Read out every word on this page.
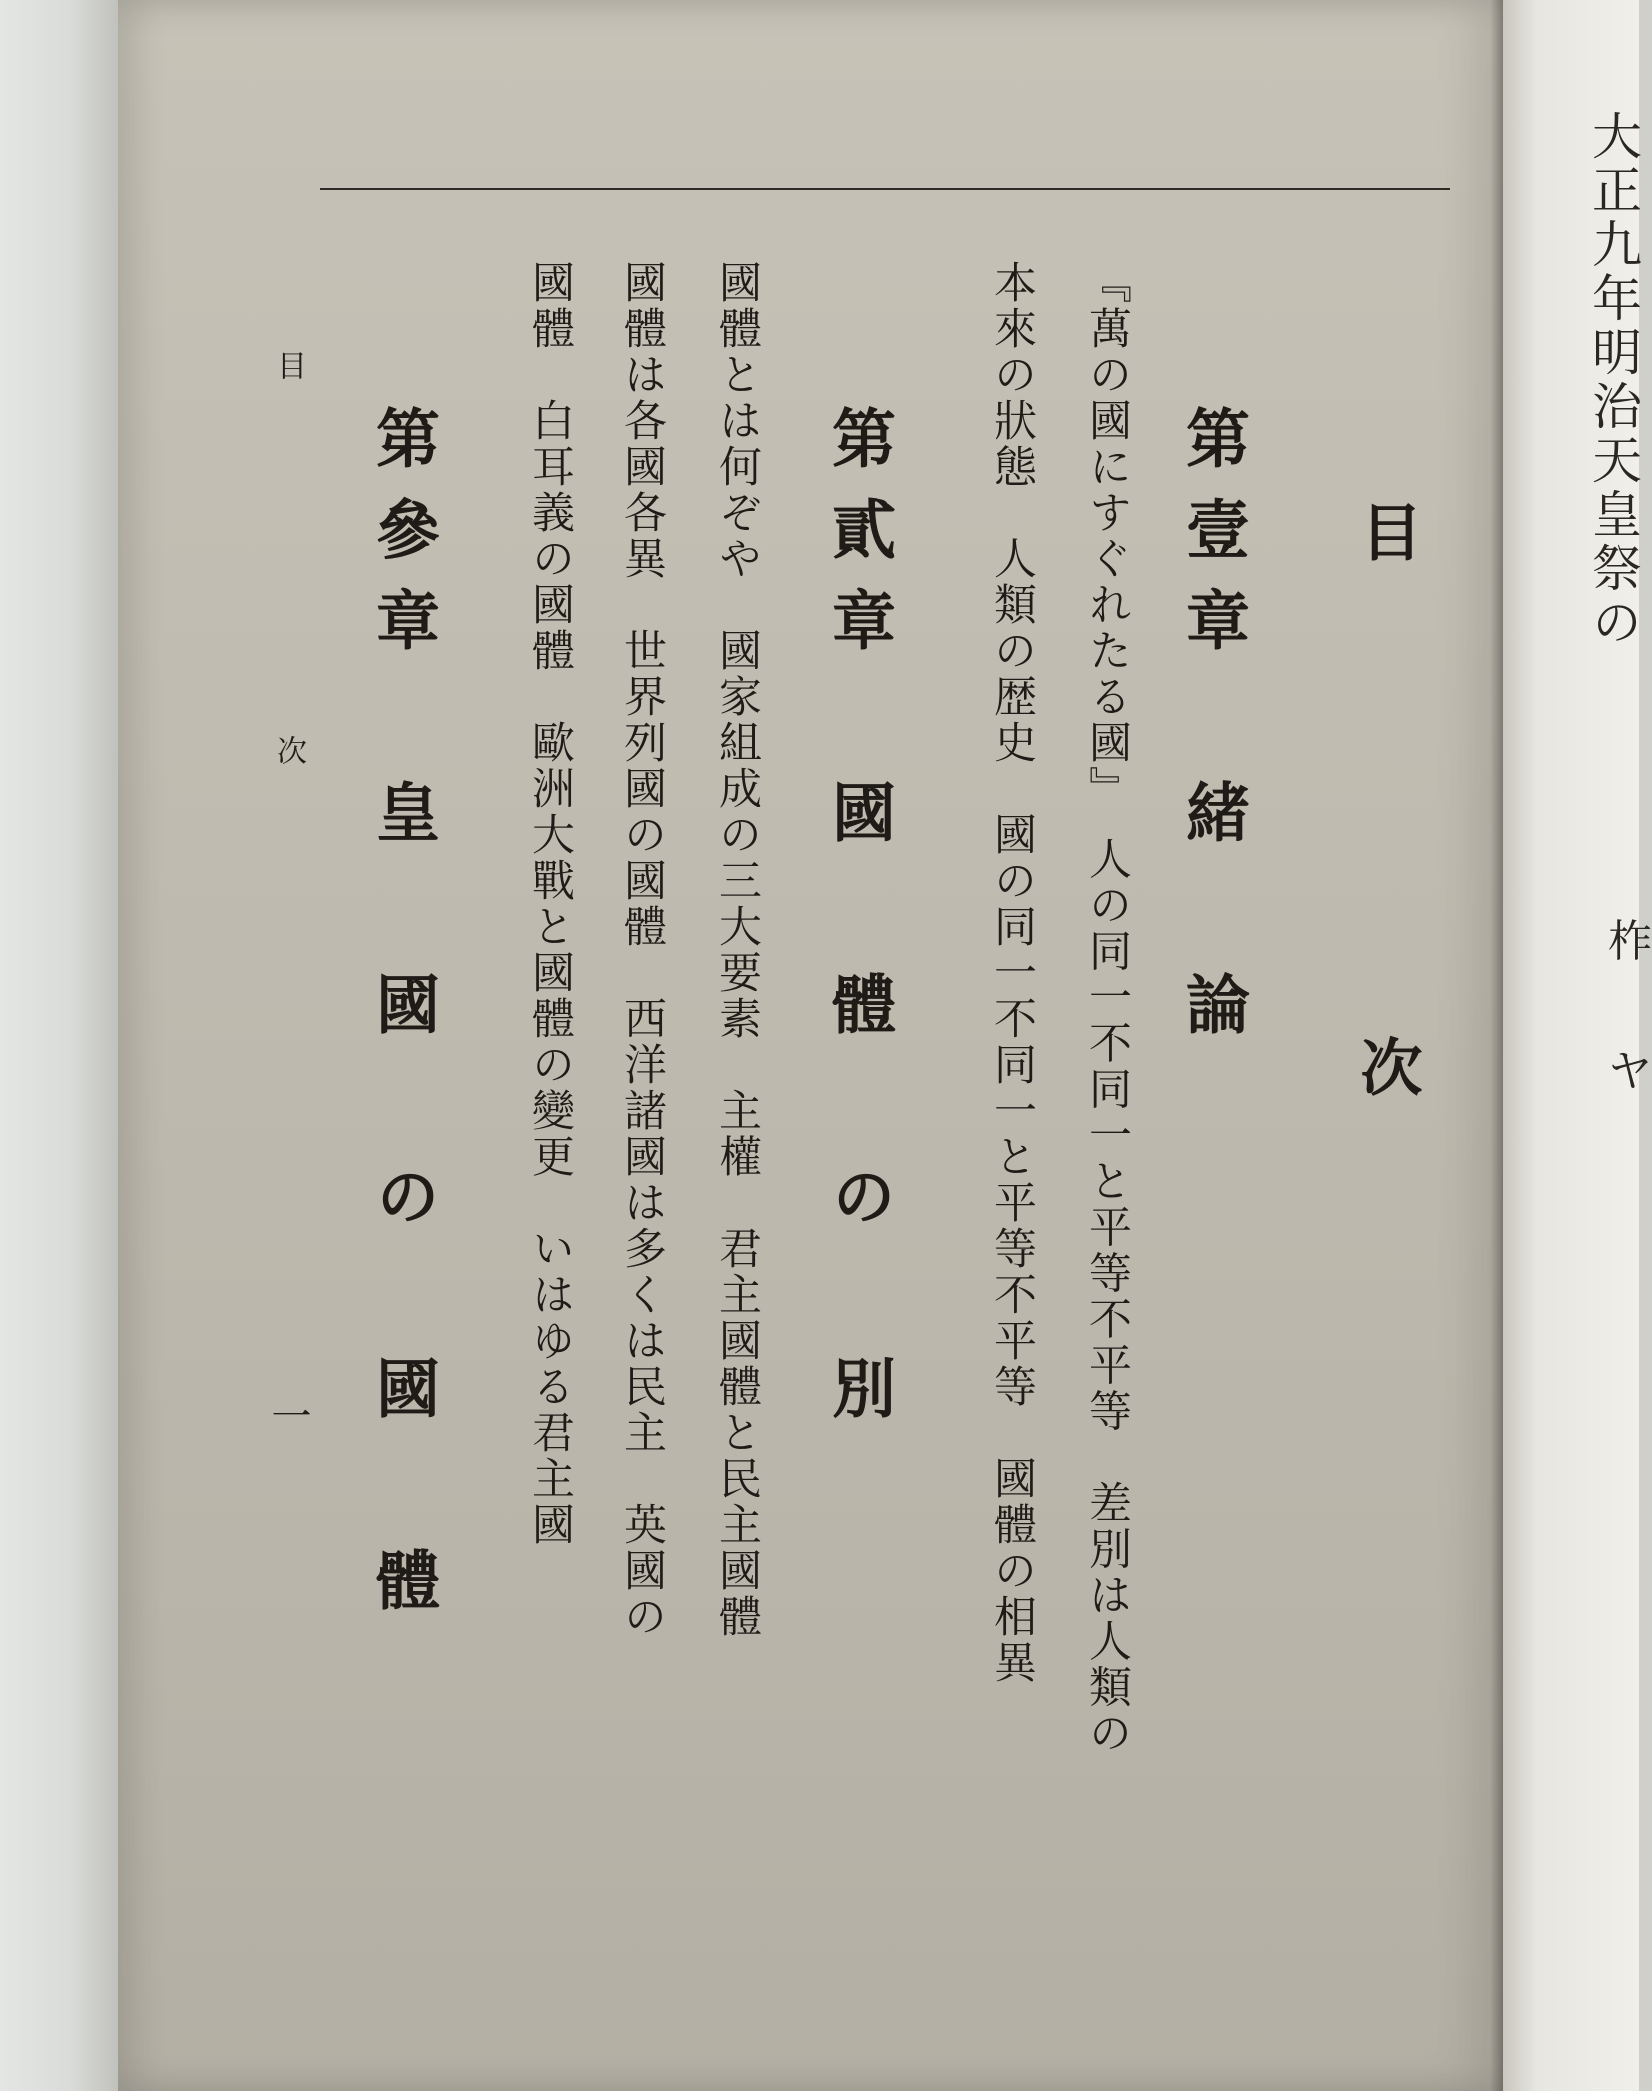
目 次
第壹章 緒 論
『萬の國にすぐれたる國』　人の同一不同一と平等不平等　差別は人類の
本來の狀態　人類の歴史　國の同一不同一と平等不平等　國體の相異
第貳章 國 體 の 別
國體とは何ぞや　國家組成の三大要素　主權　君主國體と民主國體
國體は各國各異　世界列國の國體　西洋諸國は多くは民主　英國の
國體　白耳義の國體　歐洲大戰と國體の變更　いはゆる君主國
第參章 皇 國 の 國 體
目 次
一
大正九年明治天皇祭の
柞
ヤ
